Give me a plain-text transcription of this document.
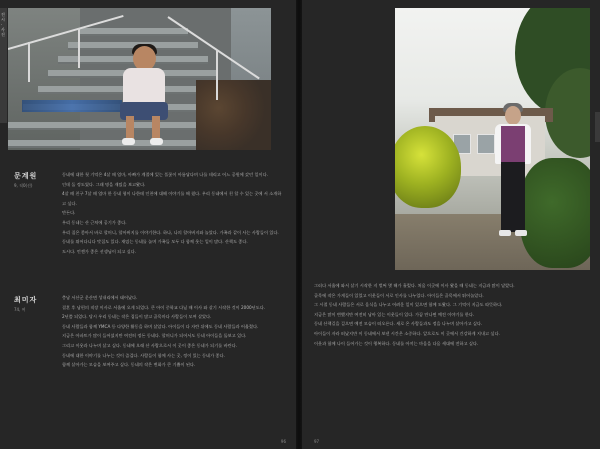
전시 · 사진
문계원
9, 직0(선)

동네에 대한 첫 기억은 4살 때 엄마, 아빠가 계절에 있는 풀꽃이 아름답다며 나를 데리고 어느 공원에 갔던 일이다.

인데 둘 정도였다. 그래 명을 재밌을 보고왔다.

4살 때 친구 7살 때 엄마 한 동네 형이 나한테 인천에 대해 이야기를 해 줬다. 우리 동네에서 친 할 수 있는 곳에 서 소개하고 싶다.

만든다.

우리 동네는 산 근처에 공기가 좋다.

우리 집은 좋아서 바로 할머니, 할아버지를 이야기한다. 하나, 나의 할아버지와 놀았다. 가족과 같이 사는 사람들이 있다.

동네를 뛰어다니다 맛집도 있다. 재밌는 동네를 놀며 가족들 모두 다 함께 웃는 일이 많다. 산책도 좋다.

도시다. 언젠가 좋은 선생님이 되고 싶다.

최미자
74, 여

충남 서산군 운산면 성내리에서 태어났다.

결혼 후 남편의 직장 이사로 서울에 오게 되었다. 큰 아이 중학교 다닐 때 이사 와 살기 시작한 것이 2000년도다.

2년쯤 되었다. 당시 우리 동네는 작은 집들이 많고 골목마다 사람들이 모여 살았다.

동네 사람들과 함께 YMCA 등 다양한 활동을 하며 살았다. 아이들이 다 자란 뒤에도 동네 사람들과 어울렸다.

지금은 아파트가 많이 들어섰지만 여전히 정든 동네다. 할머니가 되어서도 동네 아이들을 돌보고 있다.

그리고 이웃과 나누며 살고 싶다. 동네에 오래 산 사람으로서 이 곳이 좋은 동네가 되기를 바란다.

동네에 대한 이야기를 나누는 것이 즐겁다. 사람들이 함께 사는 곳, 정이 있는 동네가 좋다.

함께 살아가는 모습을 보여주고 싶다. 동네의 작은 변화가 큰 기쁨이 된다.

96

그러다 서울에 와서 살기 시작한 지 벌써 몇 해가 흘렀다. 처음 이곳에 이사 왔을 때 동네는 지금과 많이 달랐다.

골목에 작은 가게들이 있었고 이웃들이 서로 인사를 나누었다. 아이들은 골목에서 뛰어놀았다.

그 시절 동네 사람들은 서로 음식을 나누고 어려운 일이 있으면 함께 도왔다. 그 기억이 지금도 따뜻하다.

지금은 많이 변했지만 여전히 남아 있는 이웃들이 있다. 가끔 만나면 예전 이야기를 한다.

동네 산책길을 걸으면 예전 모습이 떠오른다. 새로 온 사람들과도 정을 나누며 살아가고 싶다.

아이들이 자라 떠났지만 이 동네에서 보낸 시간은 소중하다. 앞으로도 이 곳에서 건강하게 지내고 싶다.

이웃과 함께 나이 들어가는 것이 행복하다. 동네를 아끼는 마음을 다음 세대에 전하고 싶다.

97
